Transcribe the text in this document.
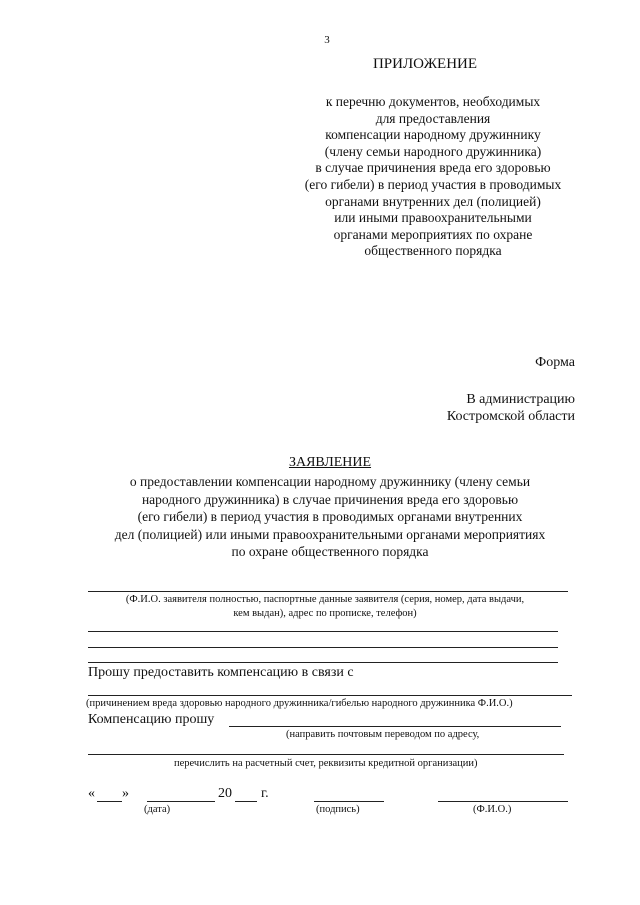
3
ПРИЛОЖЕНИЕ
к перечню документов, необходимых
для предоставления
компенсации народному дружиннику
(члену семьи народного дружинника)
в случае причинения вреда его здоровью
(его гибели) в период участия в проводимых
органами внутренних дел (полицией)
или иными правоохранительными
органами мероприятиях по охране
общественного порядка
Форма
В администрацию
Костромской области
ЗАЯВЛЕНИЕ
о предоставлении компенсации народному дружиннику (члену семьи
народного дружинника) в случае причинения вреда его здоровью
(его гибели) в период участия в проводимых органами внутренних
дел (полицией) или иными правоохранительными органами мероприятиях
по охране общественного порядка
(Ф.И.О. заявителя полностью, паспортные данные заявителя (серия, номер, дата выдачи,
кем выдан), адрес по прописке, телефон)
Прошу предоставить компенсацию в связи с
(причинением вреда здоровью народного дружинника/гибелью народного дружинника Ф.И.О.)
Компенсацию прошу
(направить почтовым переводом по адресу,
перечислить на расчетный счет, реквизиты кредитной организации)
« »	20 г.
(дата)	(подпись)	(Ф.И.О.)
